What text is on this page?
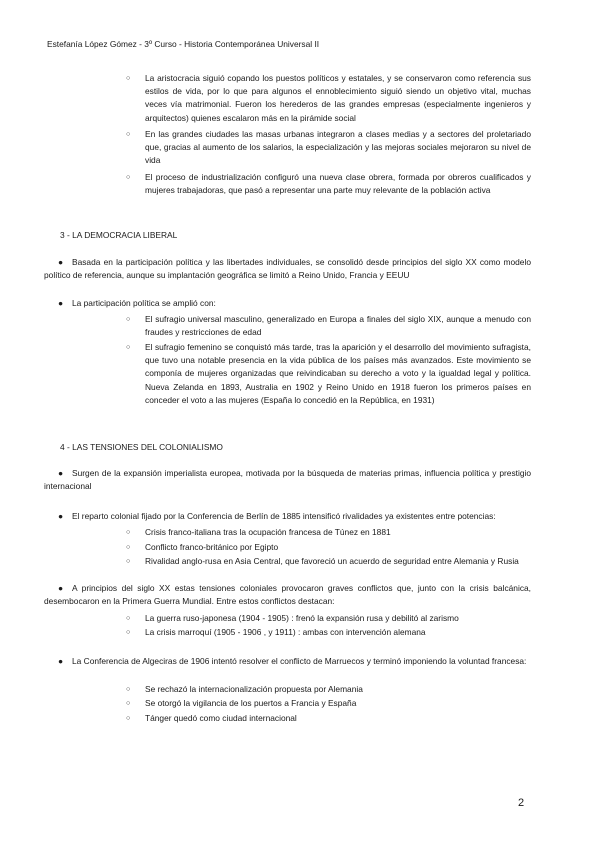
Estefanía López Gómez - 3º Curso - Historia Contemporánea Universal II
○ La aristocracia siguió copando los puestos políticos y estatales, y se conservaron como referencia sus estilos de vida, por lo que para algunos el ennoblecimiento siguió siendo un objetivo vital, muchas veces vía matrimonial. Fueron los herederos de las grandes empresas (especialmente ingenieros y arquitectos) quienes escalaron más en la pirámide social
○ En las grandes ciudades las masas urbanas integraron a clases medias y a sectores del proletariado que, gracias al aumento de los salarios, la especialización y las mejoras sociales mejoraron su nivel de vida
○ El proceso de industrialización configuró una nueva clase obrera, formada por obreros cualificados y mujeres trabajadoras, que pasó a representar una parte muy relevante de la población activa
3 - LA DEMOCRACIA LIBERAL
● Basada en la participación política y las libertades individuales, se consolidó desde principios del siglo XX como modelo político de referencia, aunque su implantación geográfica se limitó a Reino Unido, Francia y EEUU
● La participación política se amplió con:
○ El sufragio universal masculino, generalizado en Europa a finales del siglo XIX, aunque a menudo con fraudes y restricciones de edad
○ El sufragio femenino se conquistó más tarde, tras la aparición y el desarrollo del movimiento sufragista, que tuvo una notable presencia en la vida pública de los países más avanzados. Este movimiento se componía de mujeres organizadas que reivindicaban su derecho a voto y la igualdad legal y política. Nueva Zelanda en 1893, Australia en 1902 y Reino Unido en 1918 fueron los primeros países en conceder el voto a las mujeres (España lo concedió en la República, en 1931)
4 - LAS TENSIONES DEL COLONIALISMO
● Surgen de la expansión imperialista europea, motivada por la búsqueda de materias primas, influencia política y prestigio internacional
● El reparto colonial fijado por la Conferencia de Berlín de 1885 intensificó rivalidades ya existentes entre potencias:
○ Crisis franco-italiana tras la ocupación francesa de Túnez en 1881
○ Conflicto franco-británico por Egipto
○ Rivalidad anglo-rusa en Asia Central, que favoreció un acuerdo de seguridad entre Alemania y Rusia
● A principios del siglo XX estas tensiones coloniales provocaron graves conflictos que, junto con la crisis balcánica, desembocaron en la Primera Guerra Mundial. Entre estos conflictos destacan:
○ La guerra ruso-japonesa (1904 - 1905) : frenó la expansión rusa y debilitó al zarismo
○ La crisis marroquí (1905 - 1906 , y 1911) : ambas con intervención alemana
● La Conferencia de Algeciras de 1906 intentó resolver el conflicto de Marruecos y terminó imponiendo la voluntad francesa:
○ Se rechazó la internacionalización propuesta por Alemania
○ Se otorgó la vigilancia de los puertos a Francia y España
○ Tánger quedó como ciudad internacional
2
